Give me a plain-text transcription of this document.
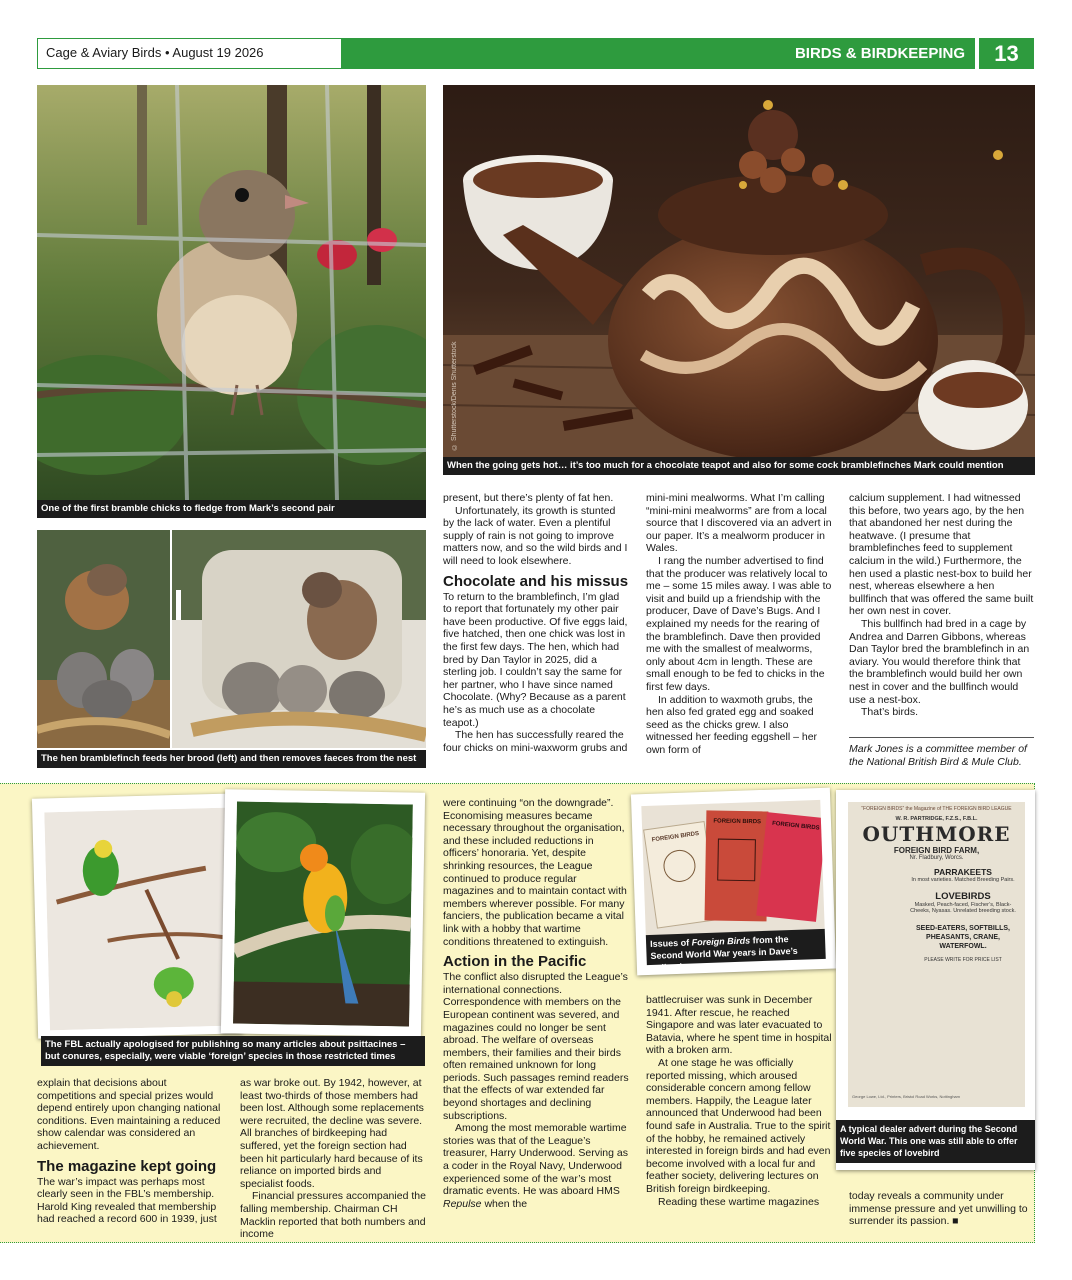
Cage & Aviary Birds • August 19 2026	BIRDS & BIRDKEEPING	13
One of the first bramble chicks to fledge from Mark’s second pair
© Shutterstock/Denis Shutterstock
When the going gets hot… it’s too much for a chocolate teapot and also for some cock bramblefinches Mark could mention
The hen bramblefinch feeds her brood (left) and then removes faeces from the nest

present, but there’s plenty of fat hen.

Unfortunately, its growth is stunted by the lack of water. Even a plentiful supply of rain is not going to improve matters now, and so the wild birds and I will need to look elsewhere.

Chocolate and his missus

To return to the bramblefinch, I’m glad to report that fortunately my other pair have been productive. Of five eggs laid, five hatched, then one chick was lost in the first few days. The hen, which had bred by Dan Taylor in 2025, did a sterling job. I couldn’t say the same for her partner, who I have since named Chocolate. (Why? Because as a parent he’s as much use as a chocolate teapot.)

The hen has successfully reared the four chicks on mini-waxworm grubs and

mini-mini mealworms. What I’m calling “mini-mini mealworms” are from a local source that I discovered via an advert in our paper. It’s a mealworm producer in Wales.

I rang the number advertised to find that the producer was relatively local to me – some 15 miles away. I was able to visit and build up a friendship with the producer, Dave of Dave’s Bugs. And I explained my needs for the rearing of the bramblefinch. Dave then provided me with the smallest of mealworms, only about 4cm in length. These are small enough to be fed to chicks in the first few days.

In addition to waxmoth grubs, the hen also fed grated egg and soaked seed as the chicks grew. I also witnessed her feeding eggshell – her own form of

calcium supplement. I had witnessed this before, two years ago, by the hen that abandoned her nest during the heatwave. (I presume that bramblefinches feed to supplement calcium in the wild.) Furthermore, the hen used a plastic nest-box to build her nest, whereas elsewhere a hen bullfinch that was offered the same built her own nest in cover.

This bullfinch had bred in a cage by Andrea and Darren Gibbons, whereas Dan Taylor bred the bramblefinch in an aviary. You would therefore think that the bramblefinch would build her own nest in cover and the bullfinch would use a nest-box.

That’s birds.

Mark Jones is a committee member of the National British Bird & Mule Club.
The FBL actually apologised for publishing so many articles about psittacines – but conures, especially, were viable ‘foreign’ species in those restricted times

explain that decisions about competitions and special prizes would depend entirely upon changing national conditions. Even maintaining a reduced show calendar was considered an achievement.

The magazine kept going

The war’s impact was perhaps most clearly seen in the FBL’s membership. Harold King revealed that membership had reached a record 600 in 1939, just

as war broke out. By 1942, however, at least two-thirds of those members had been lost. Although some replacements were recruited, the decline was severe. All branches of birdkeeping had suffered, yet the foreign section had been hit particularly hard because of its reliance on imported birds and specialist foods.

Financial pressures accompanied the falling membership. Chairman CH Macklin reported that both numbers and income

were continuing “on the downgrade”. Economising measures became necessary throughout the organisation, and these included reductions in officers’ honoraria. Yet, despite shrinking resources, the League continued to produce regular magazines and to maintain contact with members wherever possible. For many fanciers, the publication became a vital link with a hobby that wartime conditions threatened to extinguish.

Action in the Pacific

The conflict also disrupted the League’s international connections. Correspondence with members on the European continent was severed, and magazines could no longer be sent abroad. The welfare of overseas members, their families and their birds often remained unknown for long periods. Such passages remind readers that the effects of war extended far beyond shortages and declining subscriptions.

Among the most memorable wartime stories was that of the League’s treasurer, Harry Underwood. Serving as a coder in the Royal Navy, Underwood experienced some of the war’s most dramatic events. He was aboard HMS Repulse when the

battlecruiser was sunk in December 1941. After rescue, he reached Singapore and was later evacuated to Batavia, where he spent time in hospital with a broken arm.

At one stage he was officially reported missing, which aroused considerable concern among fellow members. Happily, the League later announced that Underwood had been found safe in Australia. True to the spirit of the hobby, he remained actively interested in foreign birds and had even become involved with a local fur and feather society, delivering lectures on British foreign birdkeeping.

Reading these wartime magazines	today reveals a community under immense pressure and yet unwilling to surrender its passion. ■

FOREIGN BIRDS
FOREIGN BIRDS	FOREIGN BIRDS
Issues of Foreign Birds from the Second World War years in Dave’s collection
“FOREIGN BIRDS” the Magazine of THE FOREIGN BIRD LEAGUE
W. R. PARTRIDGE, F.Z.S., F.B.L.
OUTHMORE
FOREIGN BIRD FARM,
Nr. Fladbury, Worcs.
PARRAKEETS
In most varieties. Matched Breeding Pairs.
LOVEBIRDS
Masked, Peach-faced, Fischer’s, Black-Cheeks, Nyasas. Unrelated breeding stock.
SEED-EATERS, SOFTBILLS, PHEASANTS, CRANE, WATERFOWL.
PLEASE WRITE FOR PRICE LIST
George Lowe, Ltd., Printers, Bristol Road Works, Nottingham
A typical dealer advert during the Second World War. This one was still able to offer five species of lovebird
